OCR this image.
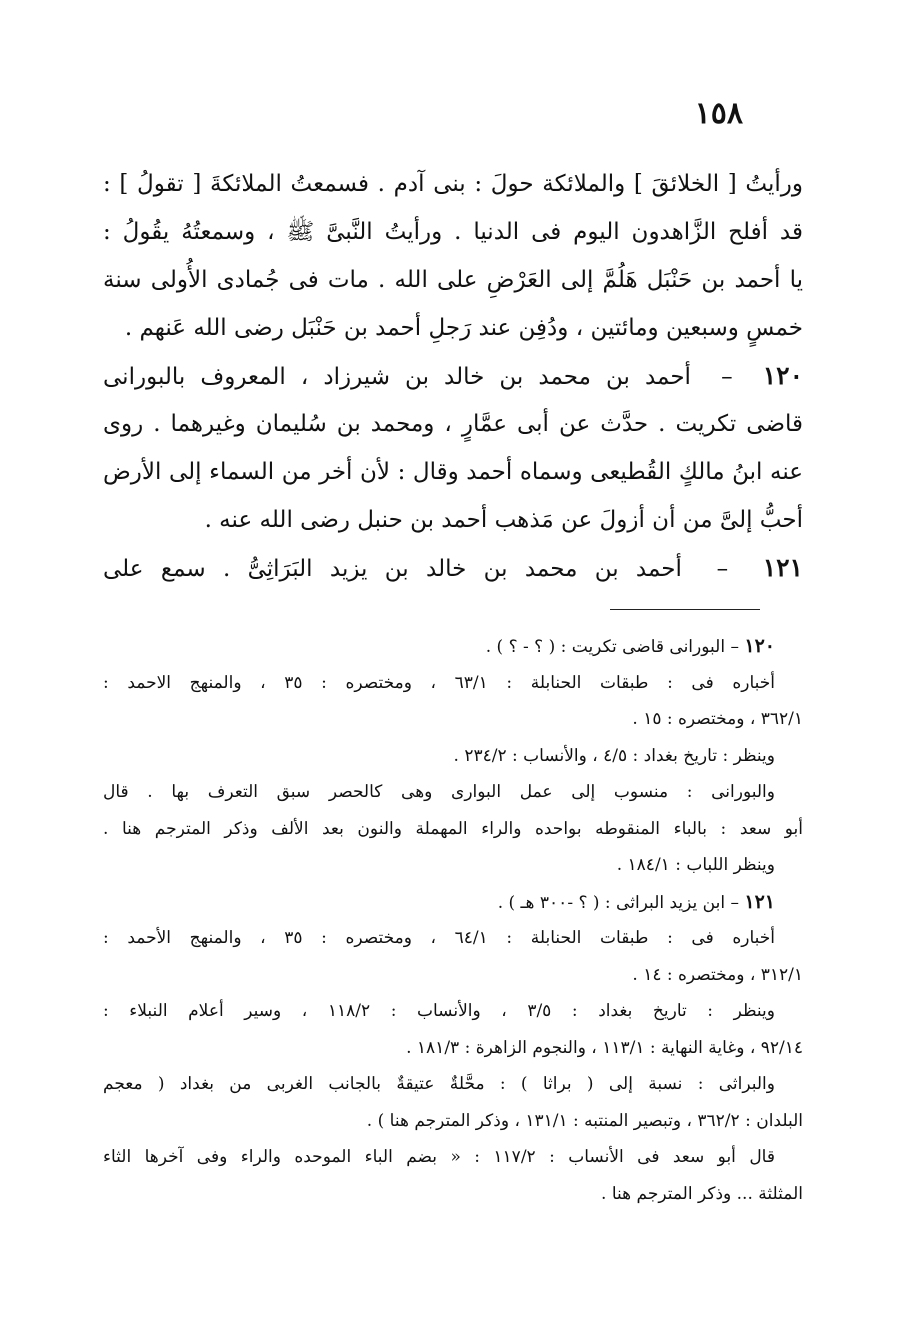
١٥٨
ورأيتُ [ الخلائقَ ] والملائكة حولَ : بنى آدم . فسمعتُ الملائكةَ [ تقولُ ] :
قد أفلح الزَّاهدون اليوم فى الدنيا . ورأيتُ النَّبىَّ ﷺ ، وسمعتُهُ يقُولُ :
يا أحمد بن حَنْبَل هَلُمَّ إلى العَرْضِ على الله . مات فى جُمادى الأُولى سنة
خمسٍ وسبعين ومائتين ، ودُفِن عند رَجلِ أحمد بن حَنْبَل رضى الله عَنهم .
١٢٠  –  أحمد بن محمد بن خالد بن شيرزاد ، المعروف بالبورانى
قاضى تكريت . حدَّث عن أبى عمَّارٍ ، ومحمد بن سُليمان وغيرهما . روى
عنه ابنُ مالكٍ القُطيعى وسماه أحمد وقال : لأن أخر من السماء إلى الأرض
أحبُّ إلىَّ من أن أزولَ عن مَذهب أحمد بن حنبل رضى الله عنه .
١٢١  –  أحمد بن محمد بن خالد بن يزيد البَرَاثِىُّ . سمع على
١٢٠ – البورانى قاضى تكريت : ( ؟ - ؟ ) .
أخباره فى : طبقات الحنابلة : ٦٣/١ ، ومختصره : ٣٥ ، والمنهج الاحمد :
٣٦٢/١ ، ومختصره : ١٥ .
وينظر : تاريخ بغداد : ٤/٥ ، والأنساب : ٢٣٤/٢ .
والبورانى : منسوب إلى عمل البوارى وهى كالحصر سبق التعرف بها . قال
أبو سعد : بالباء المنقوطه بواحده والراء المهملة والنون بعد الألف وذكر المترجم هنا .
وينظر اللباب : ١٨٤/١ .
١٢١ – ابن يزيد البراثى : ( ؟ -٣٠٠ هـ ) .
أخباره فى : طبقات الحنابلة : ٦٤/١ ، ومختصره : ٣٥ ، والمنهج الأحمد :
٣١٢/١ ، ومختصره : ١٤ .
وينظر : تاريخ بغداد : ٣/٥ ، والأنساب : ١١٨/٢ ، وسير أعلام النبلاء :
٩٢/١٤ ، وغاية النهاية : ١١٣/١ ، والنجوم الزاهرة : ١٨١/٣ .
والبراثى : نسبة إلى ( براثا ) : محَّلةٌ عتيقةٌ بالجانب الغربى من بغداد ( معجم
البلدان : ٣٦٢/٢ ، وتبصير المنتبه : ١٣١/١ ، وذكر المترجم هنا ) .
قال أبو سعد فى الأنساب : ١١٧/٢ : « بضم الباء الموحده والراء وفى آخرها الثاء
المثلثة ... وذكر المترجم هنا .
